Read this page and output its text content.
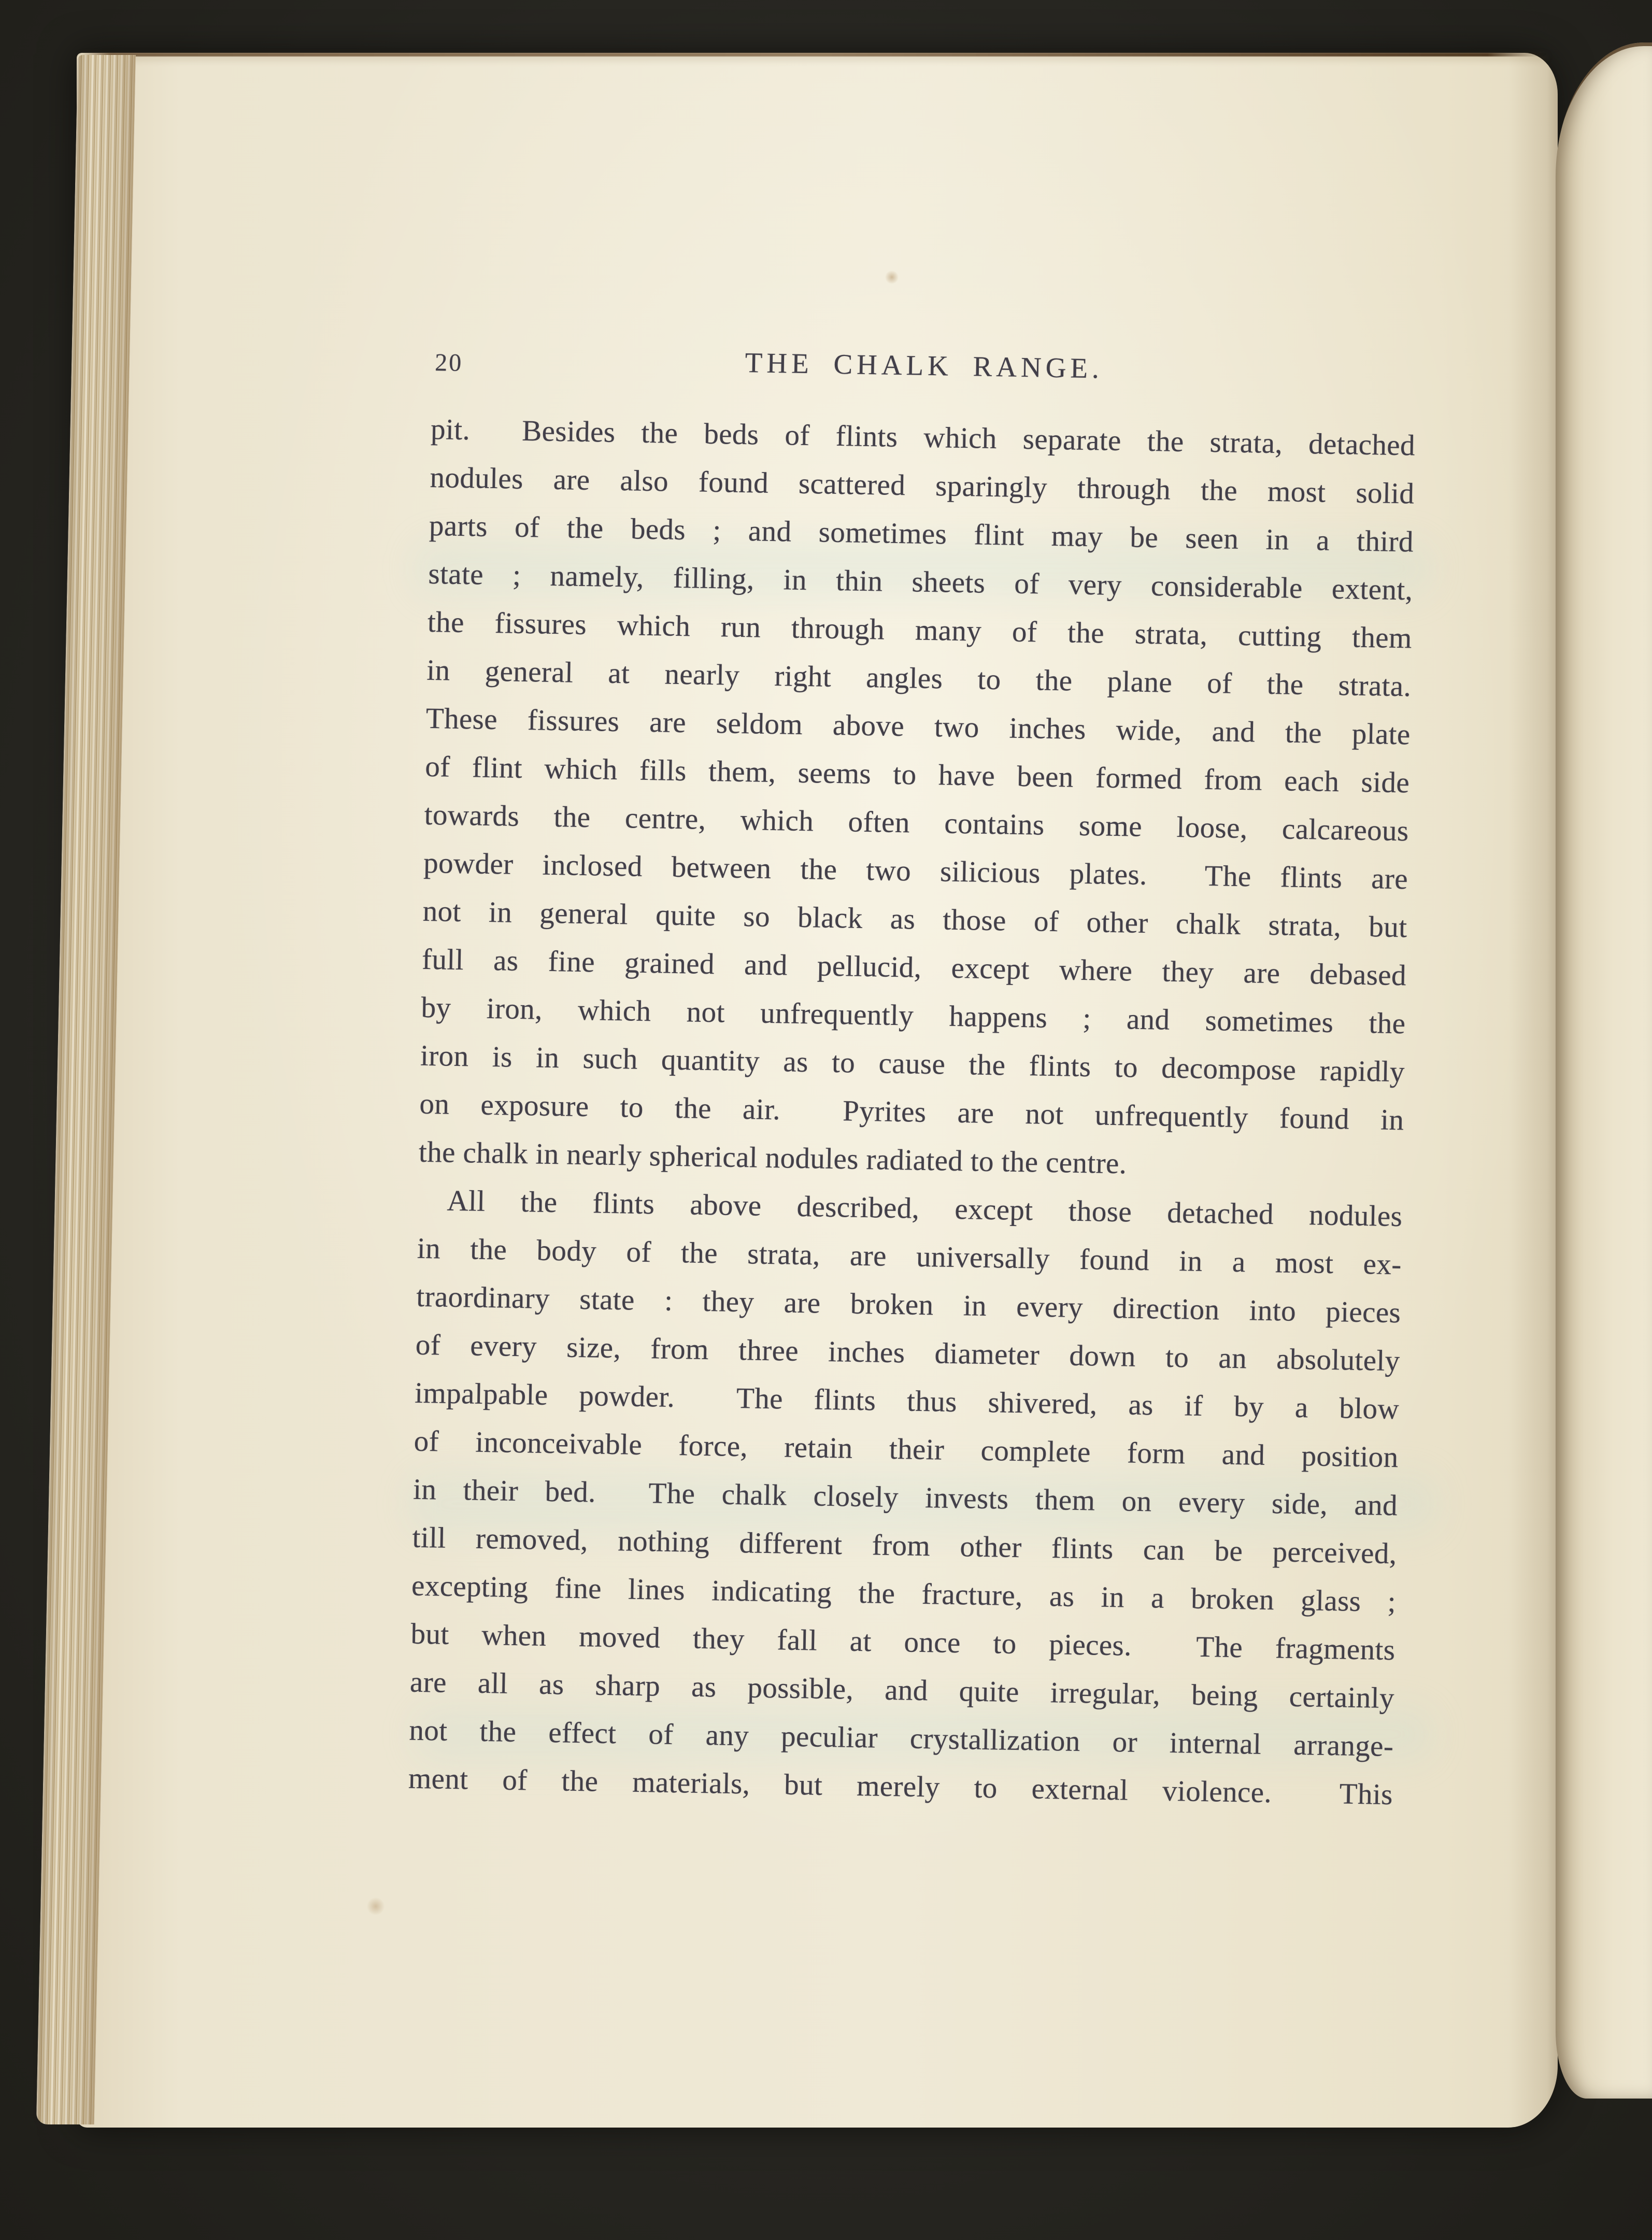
20	THE CHALK RANGE.
pit.  Besides the beds of flints which separate the strata, detached
nodules are also found scattered sparingly through the most solid
parts of the beds ; and sometimes flint may be seen in a third
state ; namely, filling, in thin sheets of very considerable extent,
the fissures which run through many of the strata, cutting them
in general at nearly right angles to the plane of the strata.
These fissures are seldom above two inches wide, and the plate
of flint which fills them, seems to have been formed from each side
towards the centre, which often contains some loose, calcareous
powder inclosed between the two silicious plates.  The flints are
not in general quite so black as those of other chalk strata, but
full as fine grained and pellucid, except where they are debased
by iron, which not unfrequently happens ; and sometimes the
iron is in such quantity as to cause the flints to decompose rapidly
on exposure to the air.  Pyrites are not unfrequently found in
the chalk in nearly spherical nodules radiated to the centre.
All the flints above described, except those detached nodules
in the body of the strata, are universally found in a most ex-
traordinary state : they are broken in every direction into pieces
of every size, from three inches diameter down to an absolutely
impalpable powder.  The flints thus shivered, as if by a blow
of inconceivable force, retain their complete form and position
in their bed.  The chalk closely invests them on every side, and
till removed, nothing different from other flints can be perceived,
excepting fine lines indicating the fracture, as in a broken glass ;
but when moved they fall at once to pieces.  The fragments
are all as sharp as possible, and quite irregular, being certainly
not the effect of any peculiar crystallization or internal arrange-
ment of the materials, but merely to external violence.  This
